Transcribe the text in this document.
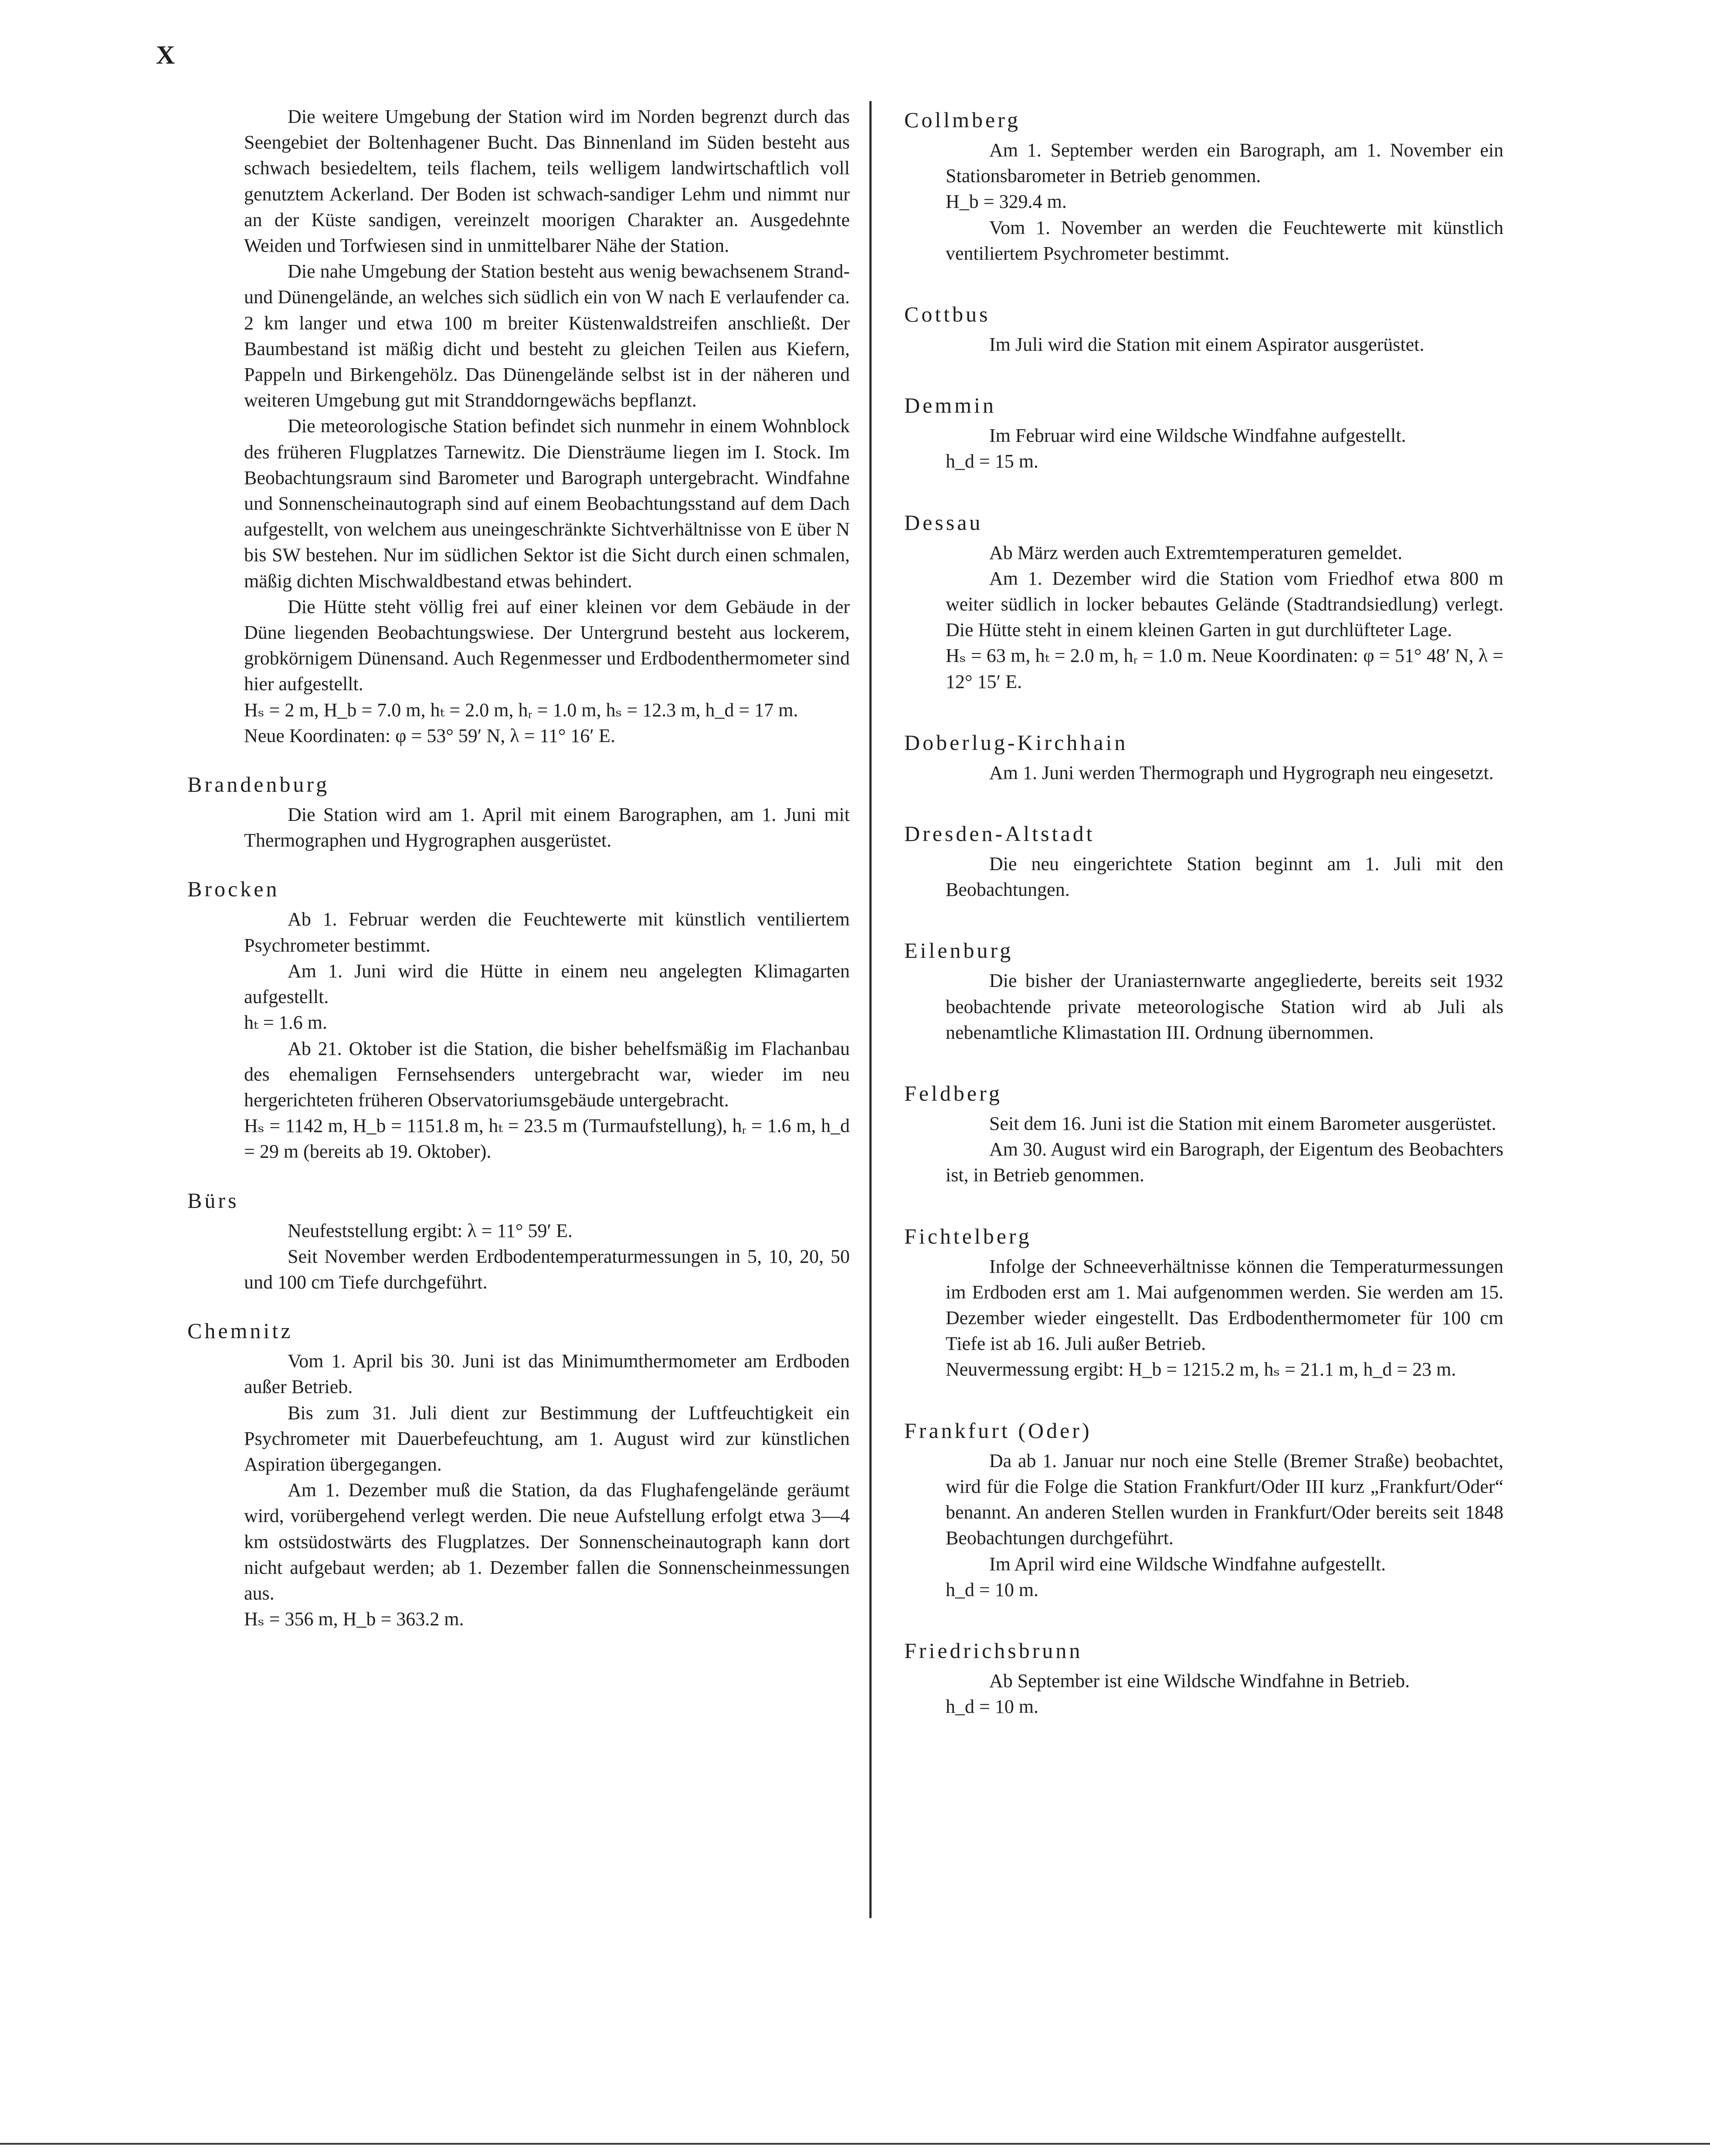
X

Die weitere Umgebung der Station wird im Norden begrenzt durch das Seengebiet der Boltenhagener Bucht. Das Binnenland im Süden besteht aus schwach besiedeltem, teils flachem, teils welligem landwirtschaftlich voll genutztem Ackerland. Der Boden ist schwach-sandiger Lehm und nimmt nur an der Küste sandigen, vereinzelt moorigen Charakter an. Ausgedehnte Weiden und Torfwiesen sind in unmittelbarer Nähe der Station.

Die nahe Umgebung der Station besteht aus wenig bewachsenem Strand- und Dünengelände, an welches sich südlich ein von W nach E verlaufender ca. 2 km langer und etwa 100 m breiter Küstenwaldstreifen anschließt. Der Baumbestand ist mäßig dicht und besteht zu gleichen Teilen aus Kiefern, Pappeln und Birkengehölz. Das Dünengelände selbst ist in der näheren und weiteren Umgebung gut mit Stranddorngewächs bepflanzt.

Die meteorologische Station befindet sich nunmehr in einem Wohnblock des früheren Flugplatzes Tarnewitz. Die Diensträume liegen im I. Stock. Im Beobachtungsraum sind Barometer und Barograph untergebracht. Windfahne und Sonnenscheinautograph sind auf einem Beobachtungsstand auf dem Dach aufgestellt, von welchem aus uneingeschränkte Sichtverhältnisse von E über N bis SW bestehen. Nur im südlichen Sektor ist die Sicht durch einen schmalen, mäßig dichten Mischwaldbestand etwas behindert.

Die Hütte steht völlig frei auf einer kleinen vor dem Gebäude in der Düne liegenden Beobachtungswiese. Der Untergrund besteht aus lockerem, grobkörnigem Dünensand. Auch Regenmesser und Erdbodenthermometer sind hier aufgestellt.

Hₛ = 2 m, H_b = 7.0 m, hₜ = 2.0 m, hᵣ = 1.0 m, hₛ = 12.3 m, h_d = 17 m.

Neue Koordinaten: φ = 53° 59′ N, λ = 11° 16′ E.

Brandenburg

Die Station wird am 1. April mit einem Barographen, am 1. Juni mit Thermographen und Hygrographen ausgerüstet.

Brocken

Ab 1. Februar werden die Feuchtewerte mit künstlich ventiliertem Psychrometer bestimmt.

Am 1. Juni wird die Hütte in einem neu angelegten Klimagarten aufgestellt.

hₜ = 1.6 m.

Ab 21. Oktober ist die Station, die bisher behelfsmäßig im Flachanbau des ehemaligen Fernsehsenders untergebracht war, wieder im neu hergerichteten früheren Observatoriumsgebäude untergebracht.

Hₛ = 1142 m, H_b = 1151.8 m, hₜ = 23.5 m (Turmaufstellung), hᵣ = 1.6 m, h_d = 29 m (bereits ab 19. Oktober).

Bürs

Neufeststellung ergibt: λ = 11° 59′ E.

Seit November werden Erdbodentemperaturmessungen in 5, 10, 20, 50 und 100 cm Tiefe durchgeführt.

Chemnitz

Vom 1. April bis 30. Juni ist das Minimumthermometer am Erdboden außer Betrieb.

Bis zum 31. Juli dient zur Bestimmung der Luftfeuchtigkeit ein Psychrometer mit Dauerbefeuchtung, am 1. August wird zur künstlichen Aspiration übergegangen.

Am 1. Dezember muß die Station, da das Flughafengelände geräumt wird, vorübergehend verlegt werden. Die neue Aufstellung erfolgt etwa 3—4 km ostsüdostwärts des Flugplatzes. Der Sonnenscheinautograph kann dort nicht aufgebaut werden; ab 1. Dezember fallen die Sonnenscheinmessungen aus.

Hₛ = 356 m, H_b = 363.2 m.

Collmberg

Am 1. September werden ein Barograph, am 1. November ein Stationsbarometer in Betrieb genommen.

H_b = 329.4 m.

Vom 1. November an werden die Feuchtewerte mit künstlich ventiliertem Psychrometer bestimmt.

Cottbus

Im Juli wird die Station mit einem Aspirator ausgerüstet.

Demmin

Im Februar wird eine Wildsche Windfahne aufgestellt.

h_d = 15 m.

Dessau

Ab März werden auch Extremtemperaturen gemeldet.

Am 1. Dezember wird die Station vom Friedhof etwa 800 m weiter südlich in locker bebautes Gelände (Stadtrandsiedlung) verlegt. Die Hütte steht in einem kleinen Garten in gut durchlüfteter Lage.

Hₛ = 63 m, hₜ = 2.0 m, hᵣ = 1.0 m. Neue Koordinaten: φ = 51° 48′ N, λ = 12° 15′ E.

Doberlug-Kirchhain

Am 1. Juni werden Thermograph und Hygrograph neu eingesetzt.

Dresden-Altstadt

Die neu eingerichtete Station beginnt am 1. Juli mit den Beobachtungen.

Eilenburg

Die bisher der Uraniasternwarte angegliederte, bereits seit 1932 beobachtende private meteorologische Station wird ab Juli als nebenamtliche Klimastation III. Ordnung übernommen.

Feldberg

Seit dem 16. Juni ist die Station mit einem Barometer ausgerüstet.

Am 30. August wird ein Barograph, der Eigentum des Beobachters ist, in Betrieb genommen.

Fichtelberg

Infolge der Schneeverhältnisse können die Temperaturmessungen im Erdboden erst am 1. Mai aufgenommen werden. Sie werden am 15. Dezember wieder eingestellt. Das Erdbodenthermometer für 100 cm Tiefe ist ab 16. Juli außer Betrieb.

Neuvermessung ergibt: H_b = 1215.2 m, hₛ = 21.1 m, h_d = 23 m.

Frankfurt (Oder)

Da ab 1. Januar nur noch eine Stelle (Bremer Straße) beobachtet, wird für die Folge die Station Frankfurt/Oder III kurz „Frankfurt/Oder“ benannt. An anderen Stellen wurden in Frankfurt/Oder bereits seit 1848 Beobachtungen durchgeführt.

Im April wird eine Wildsche Windfahne aufgestellt.

h_d = 10 m.

Friedrichsbrunn

Ab September ist eine Wildsche Windfahne in Betrieb.

h_d = 10 m.
